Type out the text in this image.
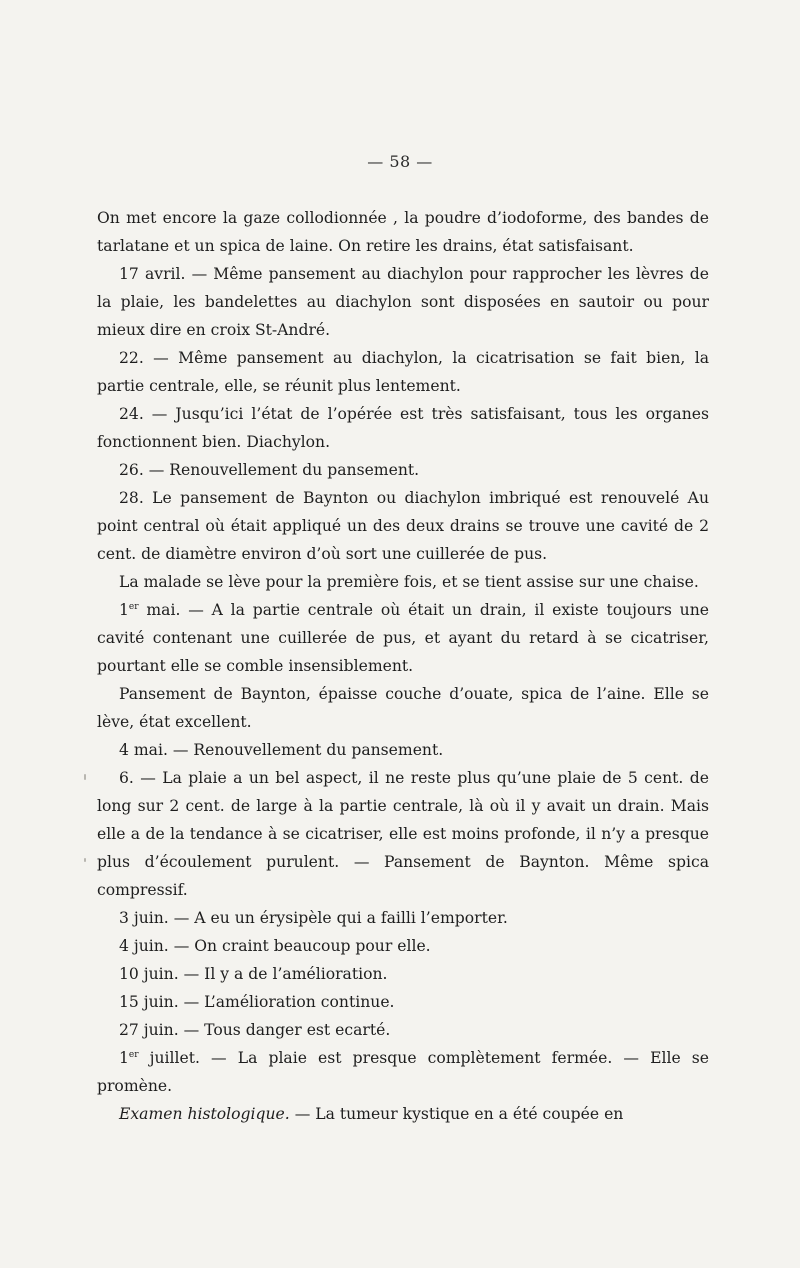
— 58 —

On met encore la gaze collodionnée , la poudre d’iodoforme, des bandes de tarlatane et un spica de laine. On retire les drains, état satisfaisant.

17 avril. — Même pansement au diachylon pour rapprocher les lèvres de la plaie, les bandelettes au diachylon sont disposées en sautoir ou pour mieux dire en croix St-André.

22. — Même pansement au diachylon, la cicatrisation se fait bien, la partie centrale, elle, se réunit plus lentement.

24. — Jusqu’ici l’état de l’opérée est très satisfaisant, tous les organes fonctionnent bien. Diachylon.

26. — Renouvellement du pansement.

28. Le pansement de Baynton ou diachylon imbriqué est renouvelé Au point central où était appliqué un des deux drains se trouve une cavité de 2 cent. de diamètre environ d’où sort une cuillerée de pus.

La malade se lève pour la première fois, et se tient assise sur une chaise.

1er mai. — A la partie centrale où était un drain, il existe toujours une cavité contenant une cuillerée de pus, et ayant du retard à se cicatriser, pourtant elle se comble insensiblement.

Pansement de Baynton, épaisse couche d’ouate, spica de l’aine. Elle se lève, état excellent.

4 mai. — Renouvellement du pansement.

6. — La plaie a un bel aspect, il ne reste plus qu’une plaie de 5 cent. de long sur 2 cent. de large à la partie centrale, là où il y avait un drain. Mais elle a de la tendance à se cicatriser, elle est moins profonde, il n’y a presque plus d’écoulement purulent. — Pansement de Baynton. Même spica compressif.

3 juin. — A eu un érysipèle qui a failli l’emporter.

4 juin. — On craint beaucoup pour elle.

10 juin. — Il y a de l’amélioration.

15 juin. — L’amélioration continue.

27 juin. — Tous danger est ecarté.

1er juillet. — La plaie est presque complètement fermée. — Elle se promène.

Examen histologique. — La tumeur kystique en a été coupée en
